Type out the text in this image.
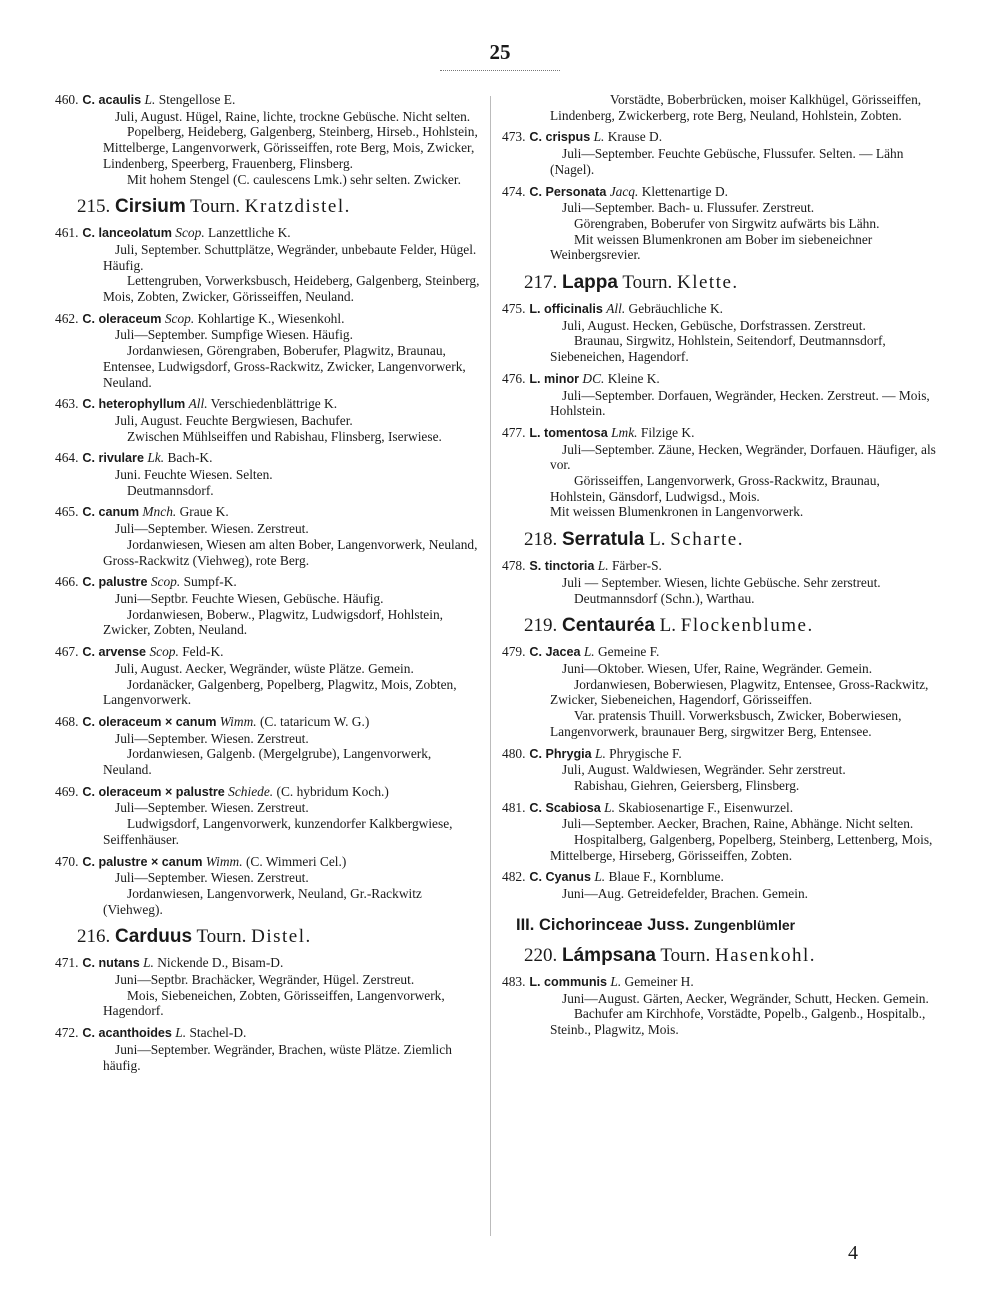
25

460. C. acaulis L. Stengellose E.

Juli, August. Hügel, Raine, lichte, trockne Gebüsche. Nicht selten.

Popelberg, Heideberg, Galgenberg, Steinberg, Hirseb., Hohlstein, Mittelberge, Langenvorwerk, Görisseiffen, rote Berg, Mois, Zwicker, Lindenberg, Speerberg, Frauenberg, Flinsberg.

Mit hohem Stengel (C. caulescens Lmk.) sehr selten. Zwicker.

215. Cirsium Tourn. Kratzdistel.

461. C. lanceolatum Scop. Lanzettliche K.

Juli, September. Schuttplätze, Wegränder, unbebaute Felder, Hügel. Häufig.

Lettengruben, Vorwerksbusch, Heideberg, Galgenberg, Steinberg, Mois, Zobten, Zwicker, Görisseiffen, Neuland.

462. C. oleraceum Scop. Kohlartige K., Wiesenkohl.

Juli—September. Sumpfige Wiesen. Häufig.

Jordanwiesen, Görengraben, Boberufer, Plagwitz, Braunau, Entensee, Ludwigsdorf, Gross-Rackwitz, Zwicker, Langenvorwerk, Neuland.

463. C. heterophyllum All. Verschiedenblättrige K.

Juli, August. Feuchte Bergwiesen, Bachufer.

Zwischen Mühlseiffen und Rabishau, Flinsberg, Iserwiese.

464. C. rivulare Lk. Bach-K.

Juni. Feuchte Wiesen. Selten.

Deutmannsdorf.

465. C. canum Mnch. Graue K.

Juli—September. Wiesen. Zerstreut.

Jordanwiesen, Wiesen am alten Bober, Langenvorwerk, Neuland, Gross-Rackwitz (Viehweg), rote Berg.

466. C. palustre Scop. Sumpf-K.

Juni—Septbr. Feuchte Wiesen, Gebüsche. Häufig.

Jordanwiesen, Boberw., Plagwitz, Ludwigsdorf, Hohlstein, Zwicker, Zobten, Neuland.

467. C. arvense Scop. Feld-K.

Juli, August. Aecker, Wegränder, wüste Plätze. Gemein.

Jordanäcker, Galgenberg, Popelberg, Plagwitz, Mois, Zobten, Langenvorwerk.

468. C. oleraceum × canum Wimm. (C. tataricum W. G.)

Juli—September. Wiesen. Zerstreut.

Jordanwiesen, Galgenb. (Mergelgrube), Langenvorwerk, Neuland.

469. C. oleraceum × palustre Schiede. (C. hybridum Koch.)

Juli—September. Wiesen. Zerstreut.

Ludwigsdorf, Langenvorwerk, kunzendorfer Kalkbergwiese, Seiffenhäuser.

470. C. palustre × canum Wimm. (C. Wimmeri Cel.)

Juli—September. Wiesen. Zerstreut.

Jordanwiesen, Langenvorwerk, Neuland, Gr.-Rackwitz (Viehweg).

216. Carduus Tourn. Distel.

471. C. nutans L. Nickende D., Bisam-D.

Juni—Septbr. Brachäcker, Wegränder, Hügel. Zerstreut.

Mois, Siebeneichen, Zobten, Görisseiffen, Langenvorwerk, Hagendorf.

472. C. acanthoides L. Stachel-D.

Juni—September. Wegränder, Brachen, wüste Plätze. Ziemlich häufig.

Vorstädte, Boberbrücken, moiser Kalkhügel, Görisseiffen, Lindenberg, Zwickerberg, rote Berg, Neuland, Hohlstein, Zobten.

473. C. crispus L. Krause D.

Juli—September. Feuchte Gebüsche, Flussufer. Selten. — Lähn (Nagel).

474. C. Personata Jacq. Klettenartige D.

Juli—September. Bach- u. Flussufer. Zerstreut.

Görengraben, Boberufer von Sirgwitz aufwärts bis Lähn.

Mit weissen Blumenkronen am Bober im siebeneichner Weinbergsrevier.

217. Lappa Tourn. Klette.

475. L. officinalis All. Gebräuchliche K.

Juli, August. Hecken, Gebüsche, Dorfstrassen. Zerstreut.

Braunau, Sirgwitz, Hohlstein, Seitendorf, Deutmannsdorf, Siebeneichen, Hagendorf.

476. L. minor DC. Kleine K.

Juli—September. Dorfauen, Wegränder, Hecken. Zerstreut. — Mois, Hohlstein.

477. L. tomentosa Lmk. Filzige K.

Juli—September. Zäune, Hecken, Wegränder, Dorfauen. Häufiger, als vor.

Görisseiffen, Langenvorwerk, Gross-Rackwitz, Braunau, Hohlstein, Gänsdorf, Ludwigsd., Mois.

Mit weissen Blumenkronen in Langenvorwerk.

218. Serratula L. Scharte.

478. S. tinctoria L. Färber-S.

Juli — September. Wiesen, lichte Gebüsche. Sehr zerstreut.

Deutmannsdorf (Schn.), Warthau.

219. Centauréa L. Flockenblume.

479. C. Jacea L. Gemeine F.

Juni—Oktober. Wiesen, Ufer, Raine, Wegränder. Gemein.

Jordanwiesen, Boberwiesen, Plagwitz, Entensee, Gross-Rackwitz, Zwicker, Siebeneichen, Hagendorf, Görisseiffen.

Var. pratensis Thuill. Vorwerksbusch, Zwicker, Boberwiesen, Langenvorwerk, braunauer Berg, sirgwitzer Berg, Entensee.

480. C. Phrygia L. Phrygische F.

Juli, August. Waldwiesen, Wegränder. Sehr zerstreut.

Rabishau, Giehren, Geiersberg, Flinsberg.

481. C. Scabiosa L. Skabiosenartige F., Eisenwurzel.

Juli—September. Aecker, Brachen, Raine, Abhänge. Nicht selten.

Hospitalberg, Galgenberg, Popelberg, Steinberg, Lettenberg, Mois, Mittelberge, Hirseberg, Görisseiffen, Zobten.

482. C. Cyanus L. Blaue F., Kornblume.

Juni—Aug. Getreidefelder, Brachen. Gemein.

III. Cichorinceae Juss. Zungenblümler
220. Lámpsana Tourn. Hasenkohl.

483. L. communis L. Gemeiner H.

Juni—August. Gärten, Aecker, Wegränder, Schutt, Hecken. Gemein.

Bachufer am Kirchhofe, Vorstädte, Popelb., Galgenb., Hospitalb., Steinb., Plagwitz, Mois.

4
